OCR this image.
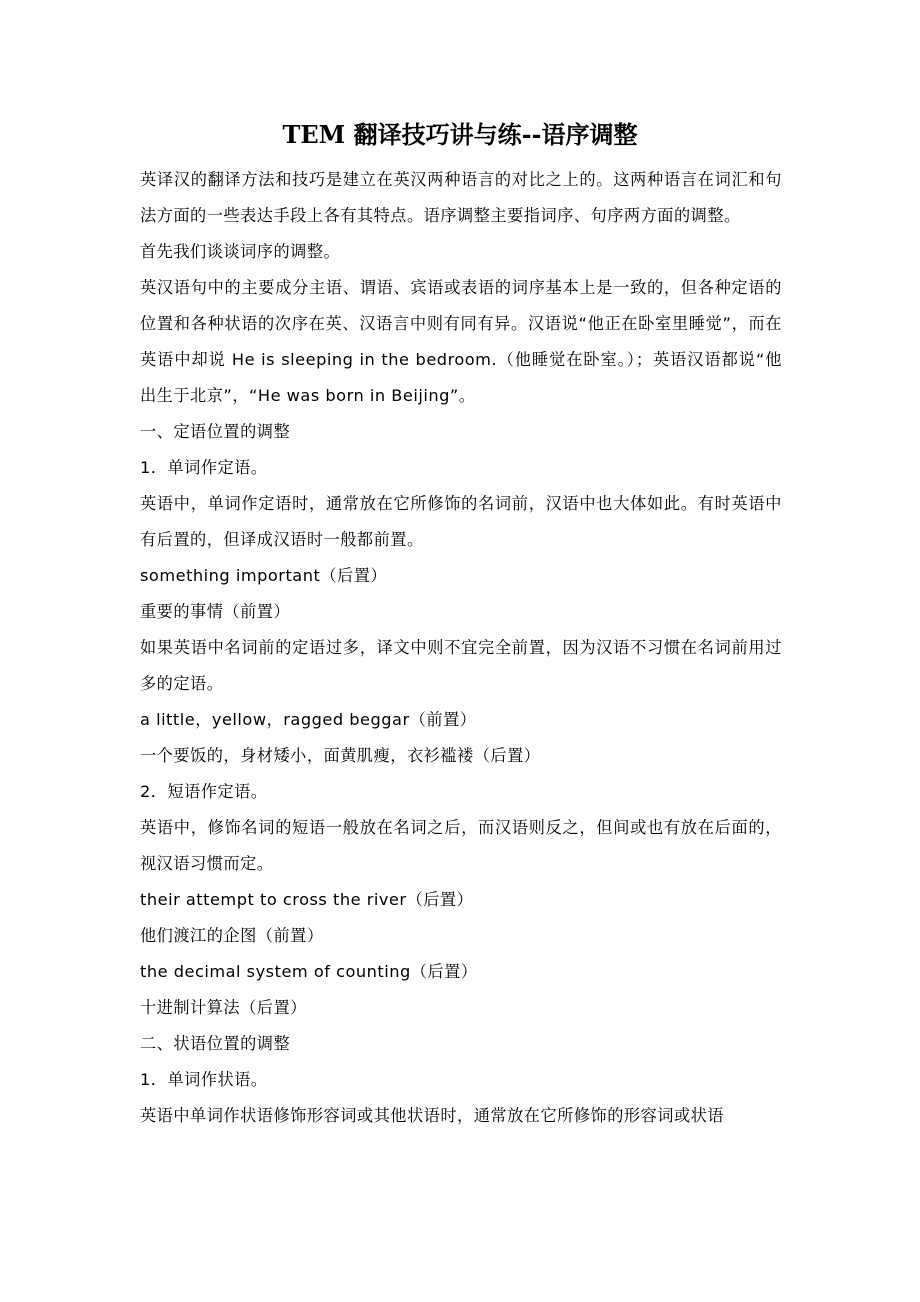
TEM 翻译技巧讲与练--语序调整

英译汉的翻译方法和技巧是建立在英汉两种语言的对比之上的。这两种语言在词汇和句法方面的一些表达手段上各有其特点。语序调整主要指词序、句序两方面的调整。

首先我们谈谈词序的调整。

英汉语句中的主要成分主语、谓语、宾语或表语的词序基本上是一致的，但各种定语的位置和各种状语的次序在英、汉语言中则有同有异。汉语说“他正在卧室里睡觉”，而在英语中却说 He is sleeping in the bedroom.（他睡觉在卧室。）；英语汉语都说“他出生于北京”，“He was born in Beijing”。

一、定语位置的调整

1．单词作定语。

英语中，单词作定语时，通常放在它所修饰的名词前，汉语中也大体如此。有时英语中有后置的，但译成汉语时一般都前置。

something important（后置）

重要的事情（前置）

如果英语中名词前的定语过多，译文中则不宜完全前置，因为汉语不习惯在名词前用过多的定语。

a little，yellow，ragged beggar（前置）

一个要饭的，身材矮小，面黄肌瘦，衣衫褴褛（后置）

2．短语作定语。

英语中，修饰名词的短语一般放在名词之后，而汉语则反之，但间或也有放在后面的，视汉语习惯而定。

their attempt to cross the river（后置）

他们渡江的企图（前置）

the decimal system of counting（后置）

十进制计算法（后置）

二、状语位置的调整

1．单词作状语。

英语中单词作状语修饰形容词或其他状语时，通常放在它所修饰的形容词或状语
